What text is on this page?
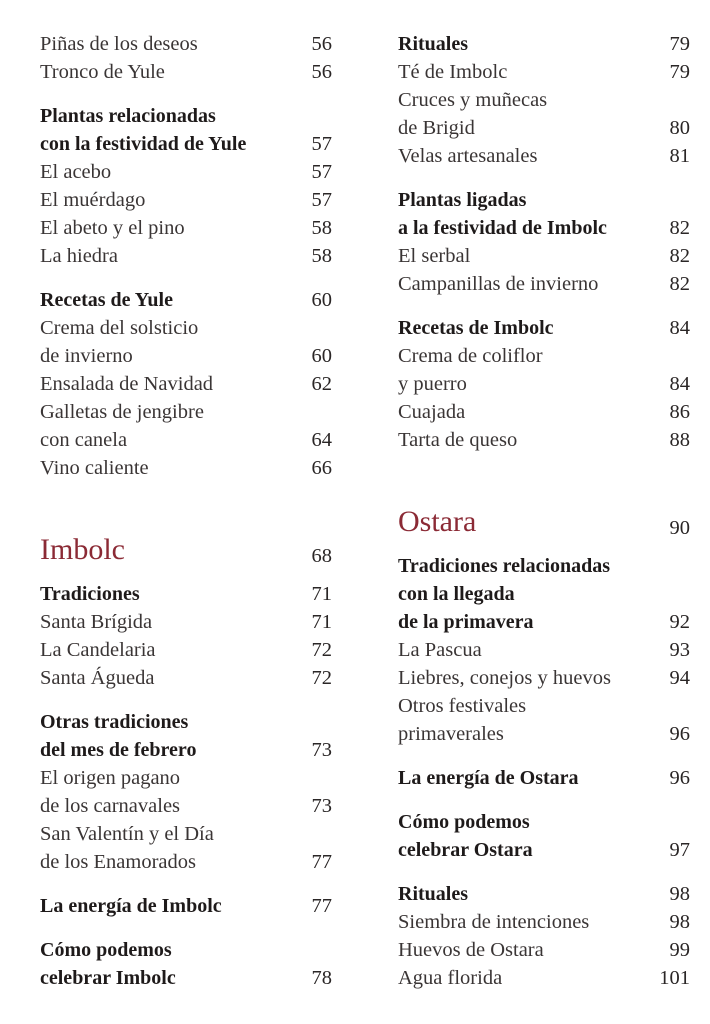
Piñas de los deseos	56
Tronco de Yule	56
Plantas relacionadas
con la festividad de Yule	57
El acebo	57
El muérdago	57
El abeto y el pino	58
La hiedra	58
Recetas de Yule	60
Crema del solsticio
de invierno	60
Ensalada de Navidad	62
Galletas de jengibre
con canela	64
Vino caliente	66
Imbolc	68
Tradiciones	71
Santa Brígida	71
La Candelaria	72
Santa Águeda	72
Otras tradiciones
del mes de febrero	73
El origen pagano
de los carnavales	73
San Valentín y el Día
de los Enamorados	77
La energía de Imbolc	77
Cómo podemos
celebrar Imbolc	78
Rituales	79
Té de Imbolc	79
Cruces y muñecas
de Brigid	80
Velas artesanales	81
Plantas ligadas
a la festividad de Imbolc	82
El serbal	82
Campanillas de invierno	82
Recetas de Imbolc	84
Crema de coliflor
y puerro	84
Cuajada	86
Tarta de queso	88
Ostara	90
Tradiciones relacionadas
con la llegada
de la primavera	92
La Pascua	93
Liebres, conejos y huevos	94
Otros festivales
primaverales	96
La energía de Ostara	96
Cómo podemos
celebrar Ostara	97
Rituales	98
Siembra de intenciones	98
Huevos de Ostara	99
Agua florida	101
